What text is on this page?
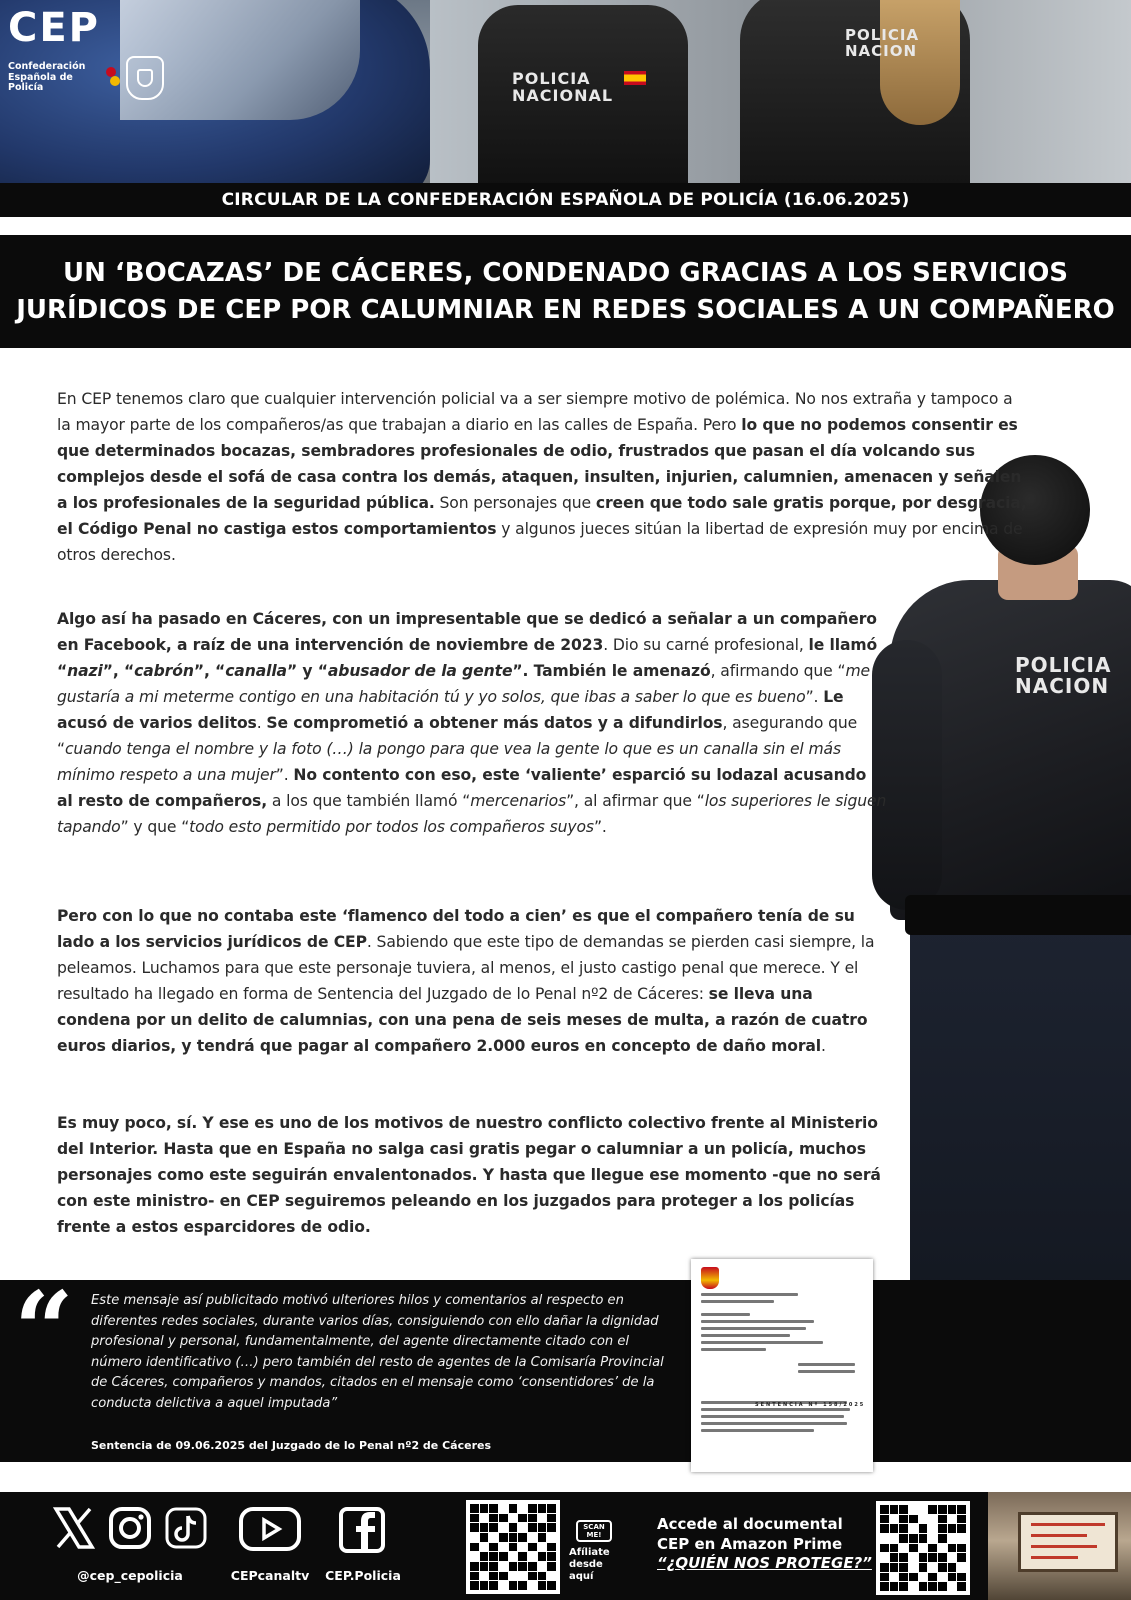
POLICIA NACIONAL
POLICIA NACION
CEP
Confederación Española de Policía
CIRCULAR DE LA CONFEDERACIÓN ESPAÑOLA DE POLICÍA (16.06.2025)
UN ‘BOCAZAS’ DE CÁCERES, CONDENADO GRACIAS A LOS SERVICIOS
JURÍDICOS DE CEP POR CALUMNIAR EN REDES SOCIALES A UN COMPAÑERO
POLICIA NACION
En CEP tenemos claro que cualquier intervención policial va a ser siempre motivo de polémica. No nos extraña y tampoco a la mayor parte de los compañeros/as que trabajan a diario en las calles de España. Pero lo que no podemos consentir es que determinados bocazas, sembradores profesionales de odio, frustrados que pasan el día volcando sus complejos desde el sofá de casa contra los demás, ataquen, insulten, injurien, calumnien, amenacen y señalen a los profesionales de la seguridad pública. Son personajes que creen que todo sale gratis porque, por desgracia, el Código Penal no castiga estos comportamientos y algunos jueces sitúan la libertad de expresión muy por encima de otros derechos.
Algo así ha pasado en Cáceres, con un impresentable que se dedicó a señalar a un compañero en Facebook, a raíz de una intervención de noviembre de 2023. Dio su carné profesional, le llamó “nazi”, “cabrón”, “canalla” y “abusador de la gente”. También le amenazó, afirmando que “me gustaría a mi meterme contigo en una habitación tú y yo solos, que ibas a saber lo que es bueno”. Le acusó de varios delitos. Se comprometió a obtener más datos y a difundirlos, asegurando que “cuando tenga el nombre y la foto (…) la pongo para que vea la gente lo que es un canalla sin el más mínimo respeto a una mujer”. No contento con eso, este ‘valiente’ esparció su lodazal acusando al resto de compañeros, a los que también llamó “mercenarios”, al afirmar que “los superiores le siguen tapando” y que “todo esto permitido por todos los compañeros suyos”.
Pero con lo que no contaba este ‘flamenco del todo a cien’ es que el compañero tenía de su lado a los servicios jurídicos de CEP. Sabiendo que este tipo de demandas se pierden casi siempre, la peleamos. Luchamos para que este personaje tuviera, al menos, el justo castigo penal que merece. Y el resultado ha llegado en forma de Sentencia del Juzgado de lo Penal nº2 de Cáceres: se lleva una condena por un delito de calumnias, con una pena de seis meses de multa, a razón de cuatro euros diarios, y tendrá que pagar al compañero 2.000 euros en concepto de daño moral.
Es muy poco, sí. Y ese es uno de los motivos de nuestro conflicto colectivo frente al Ministerio del Interior. Hasta que en España no salga casi gratis pegar o calumniar a un policía, muchos personajes como este seguirán envalentonados. Y hasta que llegue ese momento -que no será con este ministro- en CEP seguiremos peleando en los juzgados para proteger a los policías frente a estos esparcidores de odio.
“ Este mensaje así publicitado motivó ulteriores hilos y comentarios al respecto en diferentes redes sociales, durante varios días, consiguiendo con ello dañar la dignidad profesional y personal, fundamentalmente, del agente directamente citado con el número identificativo (…) pero también del resto de agentes de la Comisaría Provincial de Cáceres, compañeros y mandos, citados en el mensaje como ‘consentidores’ de la conducta delictiva a aquel imputada”
Sentencia de 09.06.2025 del Juzgado de lo Penal nº2 de Cáceres
SENTENCIA Nº 158/2025
@cep_cepolicia	CEPcanaltv	CEP.Policia
SCAN ME!
Afíliate desde aquí
Accede al documental
CEP en Amazon Prime
“¿QUIÉN NOS PROTEGE?”
